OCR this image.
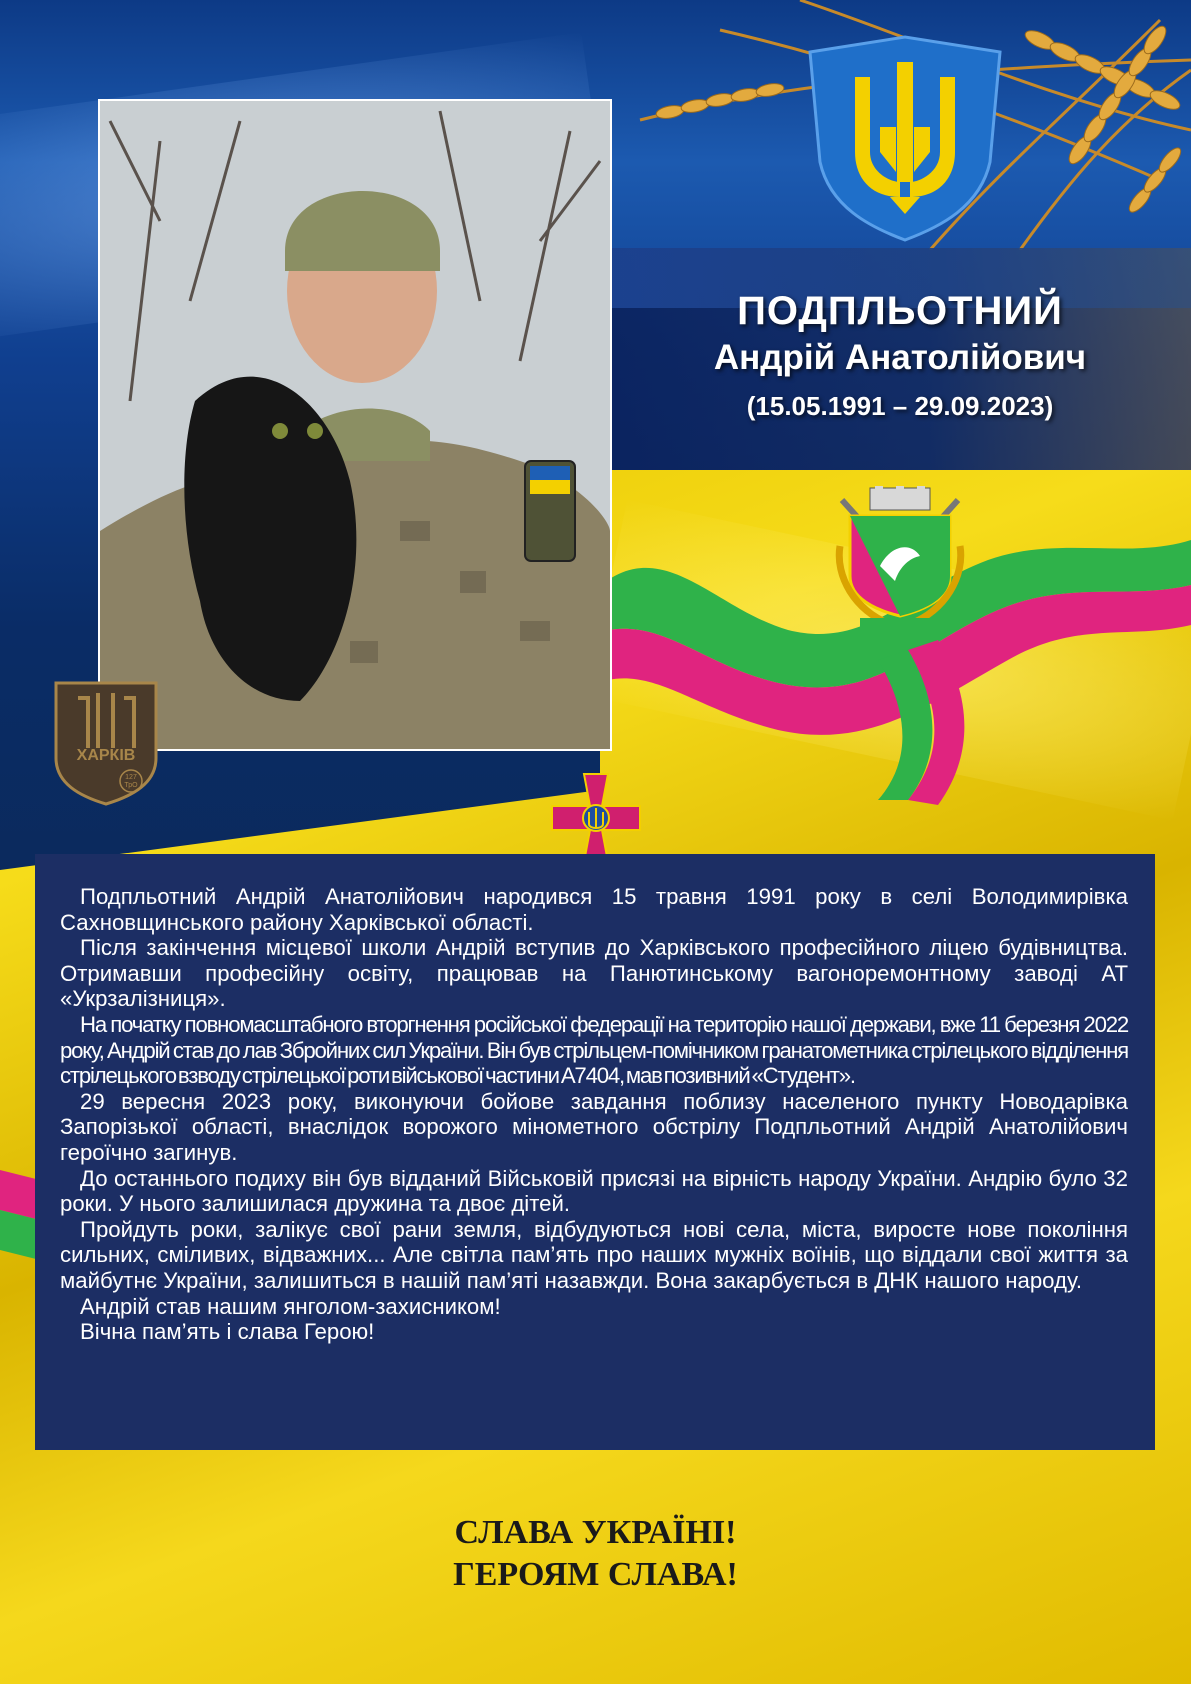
ПОДПЛЬОТНИЙ
Андрій Анатолійович
(15.05.1991 – 29.09.2023)
ХАРКІВ
127
ТрО

Подпльотний Андрій Анатолійович народився 15 травня 1991 року в селі Володимирівка Сахновщинського району Харківської області.

Після закінчення місцевої школи Андрій вступив до Харківського професійного ліцею будівництва. Отримавши професійну освіту, працював на Панютинському вагоноремонтному заводі АТ «Укрзалізниця».

На початку повномасштабного вторгнення російської федерації на територію нашої держави, вже 11 березня 2022 року, Андрій став до лав Збройних сил України. Він був стрільцем-помічником гранатометника стрілецького відділення стрілецького взводу стрілецької роти військової частини А7404, мав позивний «Студент».

29 вересня 2023 року, виконуючи бойове завдання поблизу населеного пункту Новодарівка Запорізької області, внаслідок ворожого мінометного обстрілу Подпльотний Андрій Анатолійович героїчно загинув.

До останнього подиху він був відданий Військовій присязі на вірність народу України. Андрію було 32 роки. У нього залишилася дружина та двоє дітей.

Пройдуть роки, залікує свої рани земля, відбудуються нові села, міста, виросте нове покоління сильних, сміливих, відважних... Але світла пам’ять про наших мужніх воїнів, що віддали свої життя за майбутнє України, залишиться в нашій пам’яті назавжди. Вона закарбується в ДНК нашого народу.

Андрій став нашим янголом-захисником!

Вічна пам’ять і слава Герою!

СЛАВА УКРАЇНІ!
ГЕРОЯМ СЛАВА!
